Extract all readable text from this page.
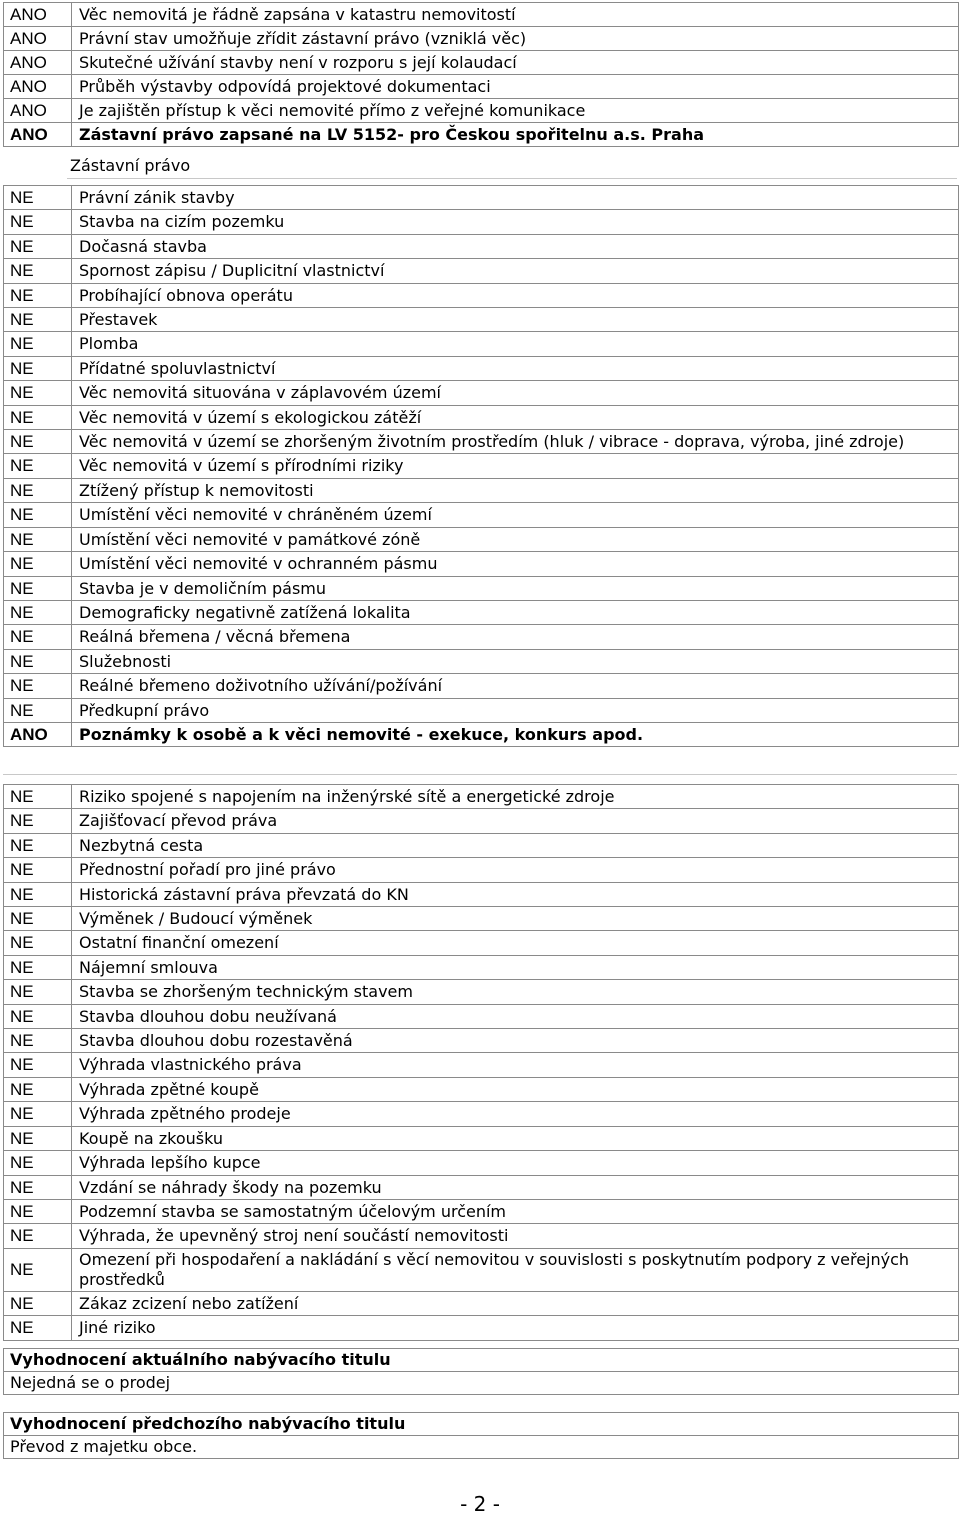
ANO	Věc nemovitá je řádně zapsána v katastru nemovitostí
ANO	Právní stav umožňuje zřídit zástavní právo (vzniklá věc)
ANO	Skutečné užívání stavby není v rozporu s její kolaudací
ANO	Průběh výstavby odpovídá projektové dokumentaci
ANO	Je zajištěn přístup k věci nemovité přímo z veřejné komunikace
ANO	Zástavní právo zapsané na LV 5152- pro Českou spořitelnu a.s. Praha
Zástavní právo
NE	Právní zánik stavby
NE	Stavba na cizím pozemku
NE	Dočasná stavba
NE	Spornost zápisu / Duplicitní vlastnictví
NE	Probíhající obnova operátu
NE	Přestavek
NE	Plomba
NE	Přídatné spoluvlastnictví
NE	Věc nemovitá situována v záplavovém území
NE	Věc nemovitá v území s ekologickou zátěží
NE	Věc nemovitá v území se zhoršeným životním prostředím (hluk / vibrace - doprava, výroba, jiné zdroje)
NE	Věc nemovitá v území s přírodními riziky
NE	Ztížený přístup k nemovitosti
NE	Umístění věci nemovité v chráněném území
NE	Umístění věci nemovité v památkové zóně
NE	Umístění věci nemovité v ochranném pásmu
NE	Stavba je v demoličním pásmu
NE	Demograficky negativně zatížená lokalita
NE	Reálná břemena / věcná břemena
NE	Služebnosti
NE	Reálné břemeno doživotního užívání/požívání
NE	Předkupní právo
ANO	Poznámky k osobě a k věci nemovité - exekuce, konkurs apod.
NE	Riziko spojené s napojením na inženýrské sítě a energetické zdroje
NE	Zajišťovací převod práva
NE	Nezbytná cesta
NE	Přednostní pořadí pro jiné právo
NE	Historická zástavní práva převzatá do KN
NE	Výměnek / Budoucí výměnek
NE	Ostatní finanční omezení
NE	Nájemní smlouva
NE	Stavba se zhoršeným technickým stavem
NE	Stavba dlouhou dobu neužívaná
NE	Stavba dlouhou dobu rozestavěná
NE	Výhrada vlastnického práva
NE	Výhrada zpětné koupě
NE	Výhrada zpětného prodeje
NE	Koupě na zkoušku
NE	Výhrada lepšího kupce
NE	Vzdání se náhrady škody na pozemku
NE	Podzemní stavba se samostatným účelovým určením
NE	Výhrada, že upevněný stroj není součástí nemovitosti
NE	Omezení při hospodaření a nakládání s věcí nemovitou v souvislosti s poskytnutím podpory z veřejných prostředků
NE	Zákaz zcizení nebo zatížení
NE	Jiné riziko
Vyhodnocení aktuálního nabývacího titulu
Nejedná se o prodej
Vyhodnocení předchozího nabývacího titulu
Převod z majetku obce.
- 2 -
